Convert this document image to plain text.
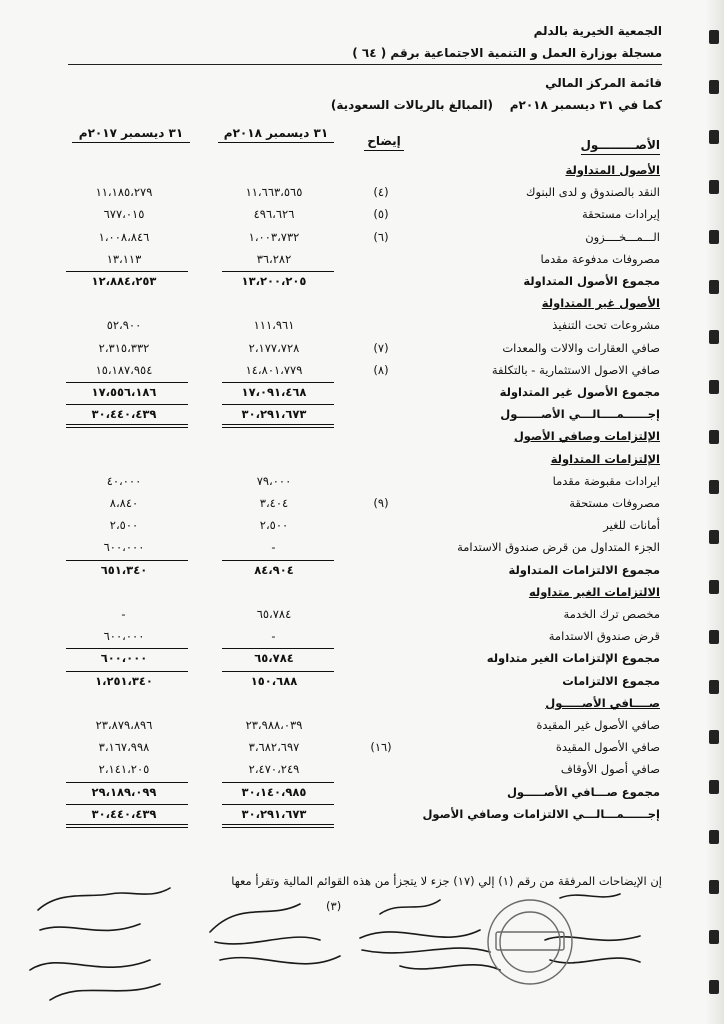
الجمعية الخيرية بالدلم
مسجلة بوزارة العمل و التنمية الاجتماعية برقم ( ٦٤ )
قائمة المركز المالي
كما في ٣١ ديسمبر ٢٠١٨م    (المبالغ بالريالات السعودية)
٣١ ديسمبر ٢٠١٧م	٣١ ديسمبر ٢٠١٨م
إيضاح	الأصـــــــــول
الأصول المتداولة
النقد بالصندوق و لدى البنوك
(٤)
١١،٦٦٣،٥٦٥
١١،١٨٥،٢٧٩
إيرادات مستحقة
(٥)
٤٩٦،٦٢٦
٦٧٧،٠١٥
الـــمـــخــــزون
(٦)
١،٠٠٣،٧٣٢
١،٠٠٨،٨٤٦
مصروفات مدفوعة مقدما
٣٦،٢٨٢
١٣،١١٣
مجموع الأصول المتداولة
١٣،٢٠٠،٢٠٥
١٢،٨٨٤،٢٥٣
الأصول غير المتداولة
مشروعات تحت التنفيذ
١١١،٩٦١
٥٢،٩٠٠
صافي العقارات والالات والمعدات
(٧)
٢،١٧٧،٧٢٨
٢،٣١٥،٣٣٢
صافي الاصول الاستثمارية - بالتكلفة
(٨)
١٤،٨٠١،٧٧٩
١٥،١٨٧،٩٥٤
مجموع الأصول غير المتداولة
١٧،٠٩١،٤٦٨
١٧،٥٥٦،١٨٦
إجــــــمــــالـــي الأصــــــول
٣٠،٢٩١،٦٧٣
٣٠،٤٤٠،٤٣٩
الإلتزامات وصافي الأصول
الإلتزامات المتداولة
ايرادات مقبوضة مقدما
٧٩،٠٠٠
٤٠،٠٠٠
مصروفات مستحقة
(٩)
٣،٤٠٤
٨،٨٤٠
أمانات للغير
٢،٥٠٠
٢،٥٠٠
الجزء المتداول من قرض صندوق الاستدامة
-
٦٠٠،٠٠٠
مجموع الالتزامات المتداولة
٨٤،٩٠٤
٦٥١،٣٤٠
الالتزامات الغير متداوله
مخصص ترك الخدمة
٦٥،٧٨٤
-
قرض صندوق الاستدامة
-
٦٠٠،٠٠٠
مجموع الإلتزامات الغير متداوله
٦٥،٧٨٤
٦٠٠،٠٠٠
مجموع الالتزامات
١٥٠،٦٨٨
١،٢٥١،٣٤٠
صــــافي الأصـــــول
صافي الأصول غير المقيدة
٢٣،٩٨٨،٠٣٩
٢٣،٨٧٩،٨٩٦
صافي الأصول المقيدة
(١٦)
٣،٦٨٢،٦٩٧
٣،١٦٧،٩٩٨
صافي أصول الأوقاف
٢،٤٧٠،٢٤٩
٢،١٤١،٢٠٥
مجموع صـــافي الأصـــــول
٣٠،١٤٠،٩٨٥
٢٩،١٨٩،٠٩٩
إجــــــمـــالـــي الالتزامات وصافي الأصول
٣٠،٢٩١،٦٧٣
٣٠،٤٤٠،٤٣٩
إن الإيضاحات المرفقة من رقم (١) إلي (١٧) جزء لا يتجزأ من هذه القوائم المالية وتقرأ معها
(٣)
